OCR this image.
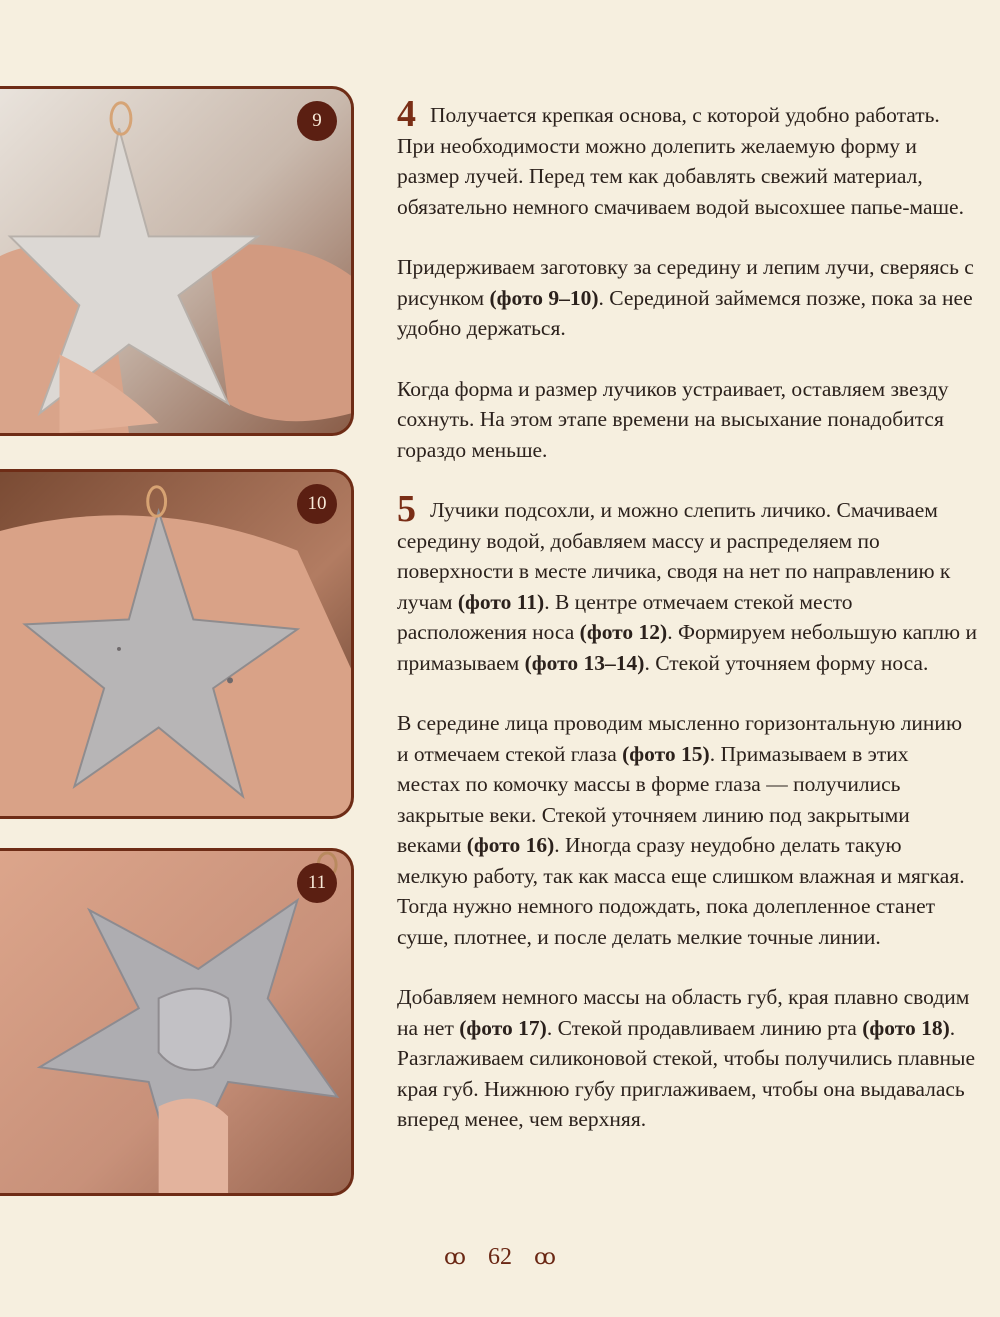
9
10
11

4 Получается крепкая основа, с которой удобно работать. При необходимости можно долепить желаемую форму и размер лучей. Перед тем как добавлять свежий материал, обязательно немного смачиваем водой высохшее папье-маше.

Придерживаем заготовку за середину и лепим лучи, сверяясь с рисунком (фото 9–10). Серединой займемся позже, пока за нее удобно держаться.

Когда форма и размер лучиков устраивает, оставляем звезду сохнуть. На этом этапе времени на высыхание понадобится гораздо меньше.

5 Лучики подсохли, и можно слепить личико. Смачиваем середину водой, добавляем массу и распределяем по поверхности в месте личика, сводя на нет по направлению к лучам (фото 11). В центре отмечаем стекой место расположения носа (фото 12). Формируем небольшую каплю и примазываем (фото 13–14). Стекой уточняем форму носа.

В середине лица проводим мысленно горизонтальную линию и отмечаем стекой глаза (фото 15). Примазываем в этих местах по комочку массы в форме глаза — получились закрытые веки. Стекой уточняем линию под закрытыми веками (фото 16). Иногда сразу неудобно делать такую мелкую работу, так как масса еще слишком влажная и мягкая. Тогда нужно немного подождать, пока долепленное станет суше, плотнее, и после делать мелкие точные линии.

Добавляем немного массы на область губ, края плавно сводим на нет (фото 17). Стекой продавливаем линию рта (фото 18). Разглаживаем силиконовой стекой, чтобы получились плавные края губ. Нижнюю губу приглаживаем, чтобы она выдавалась вперед менее, чем верхняя.

ꝏ 62 ꝏ
